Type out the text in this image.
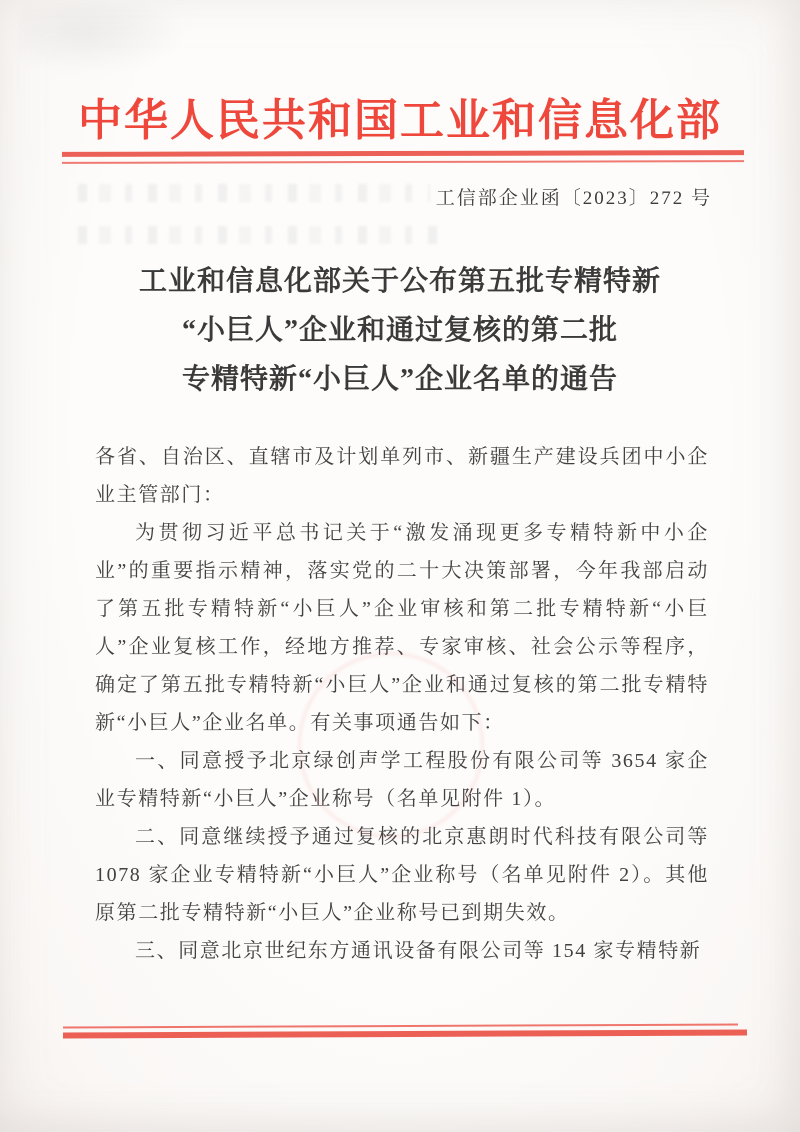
中华人民共和国工业和信息化部
工信部企业函〔2023〕272 号
工业和信息化部关于公布第五批专精特新
“小巨人”企业和通过复核的第二批
专精特新“小巨人”企业名单的通告

各省、自治区、直辖市及计划单列市、新疆生产建设兵团中小企业主管部门：

为贯彻习近平总书记关于“激发涌现更多专精特新中小企业”的重要指示精神，落实党的二十大决策部署，今年我部启动了第五批专精特新“小巨人”企业审核和第二批专精特新“小巨人”企业复核工作，经地方推荐、专家审核、社会公示等程序，确定了第五批专精特新“小巨人”企业和通过复核的第二批专精特新“小巨人”企业名单。有关事项通告如下：

一、同意授予北京绿创声学工程股份有限公司等 3654 家企业专精特新“小巨人”企业称号（名单见附件 1）。

二、同意继续授予通过复核的北京惠朗时代科技有限公司等 1078 家企业专精特新“小巨人”企业称号（名单见附件 2）。其他原第二批专精特新“小巨人”企业称号已到期失效。

三、同意北京世纪东方通讯设备有限公司等 154 家专精特新
